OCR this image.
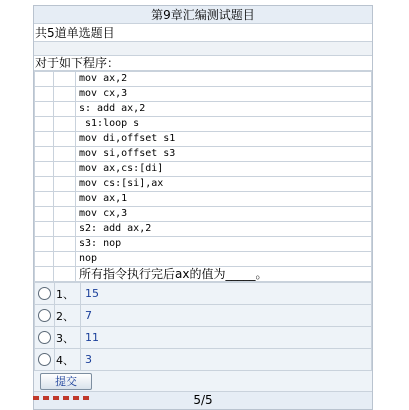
第9章汇编测试题目
共5道单选题目
对于如下程序：
		mov ax,2
		mov cx,3
		s: add ax,2
		s1:loop s
		mov di,offset s1
		mov si,offset s3
		mov ax,cs:[di]
		mov cs:[si],ax
		mov ax,1
		mov cx,3
		s2: add ax,2
		s3: nop
		nop
		所有指令执行完后ax的值为_____。
	1、	15
	2、	7
	3、	11
	4、	3
提交
5/5
